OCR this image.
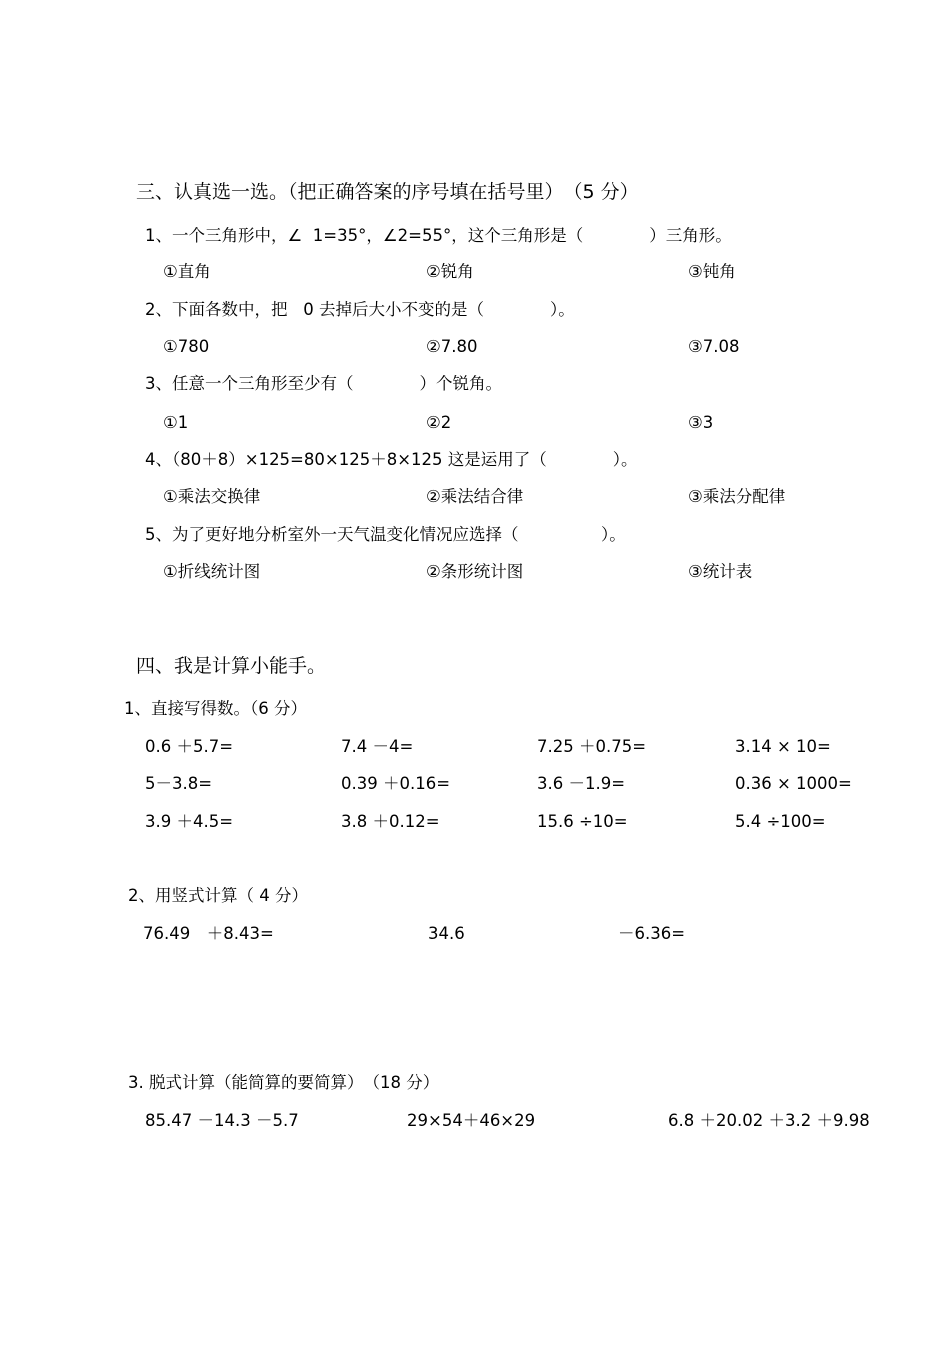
三、认真选一选。（把正确答案的序号填在括号里）　（5 分）
1、一个三角形中，∠  1=35°，∠2=55°，这个三角形是（　　　　）三角形。
①直角	②锐角	③钝角
2、下面各数中，把   0 去掉后大小不变的是（　　　　）。
①780	②7.80	③7.08
3、任意一个三角形至少有（　　　　）个锐角。
①1	②2	③3
4、（80＋8）×125=80×125＋8×125 这是运用了（　　　　）。
①乘法交换律	②乘法结合律	③乘法分配律
5、为了更好地分析室外一天气温变化情况应选择（　　　　　）。
①折线统计图	②条形统计图	③统计表
四、我是计算小能手。
1、直接写得数。（6 分）
0.6 ＋5.7=	7.4 －4=	7.25 ＋0.75=	3.14 × 10=
5－3.8=	0.39 ＋0.16=	3.6 －1.9=	0.36 × 1000=
3.9 ＋4.5=	3.8 ＋0.12=	15.6 ÷10=	5.4 ÷100=
2、用竖式计算（ 4 分）
76.49　＋8.43=	34.6	－6.36=
3. 脱式计算（能简算的要简算）　（18 分）
85.47 －14.3 －5.7	29×54＋46×29	6.8 ＋20.02 ＋3.2 ＋9.98
